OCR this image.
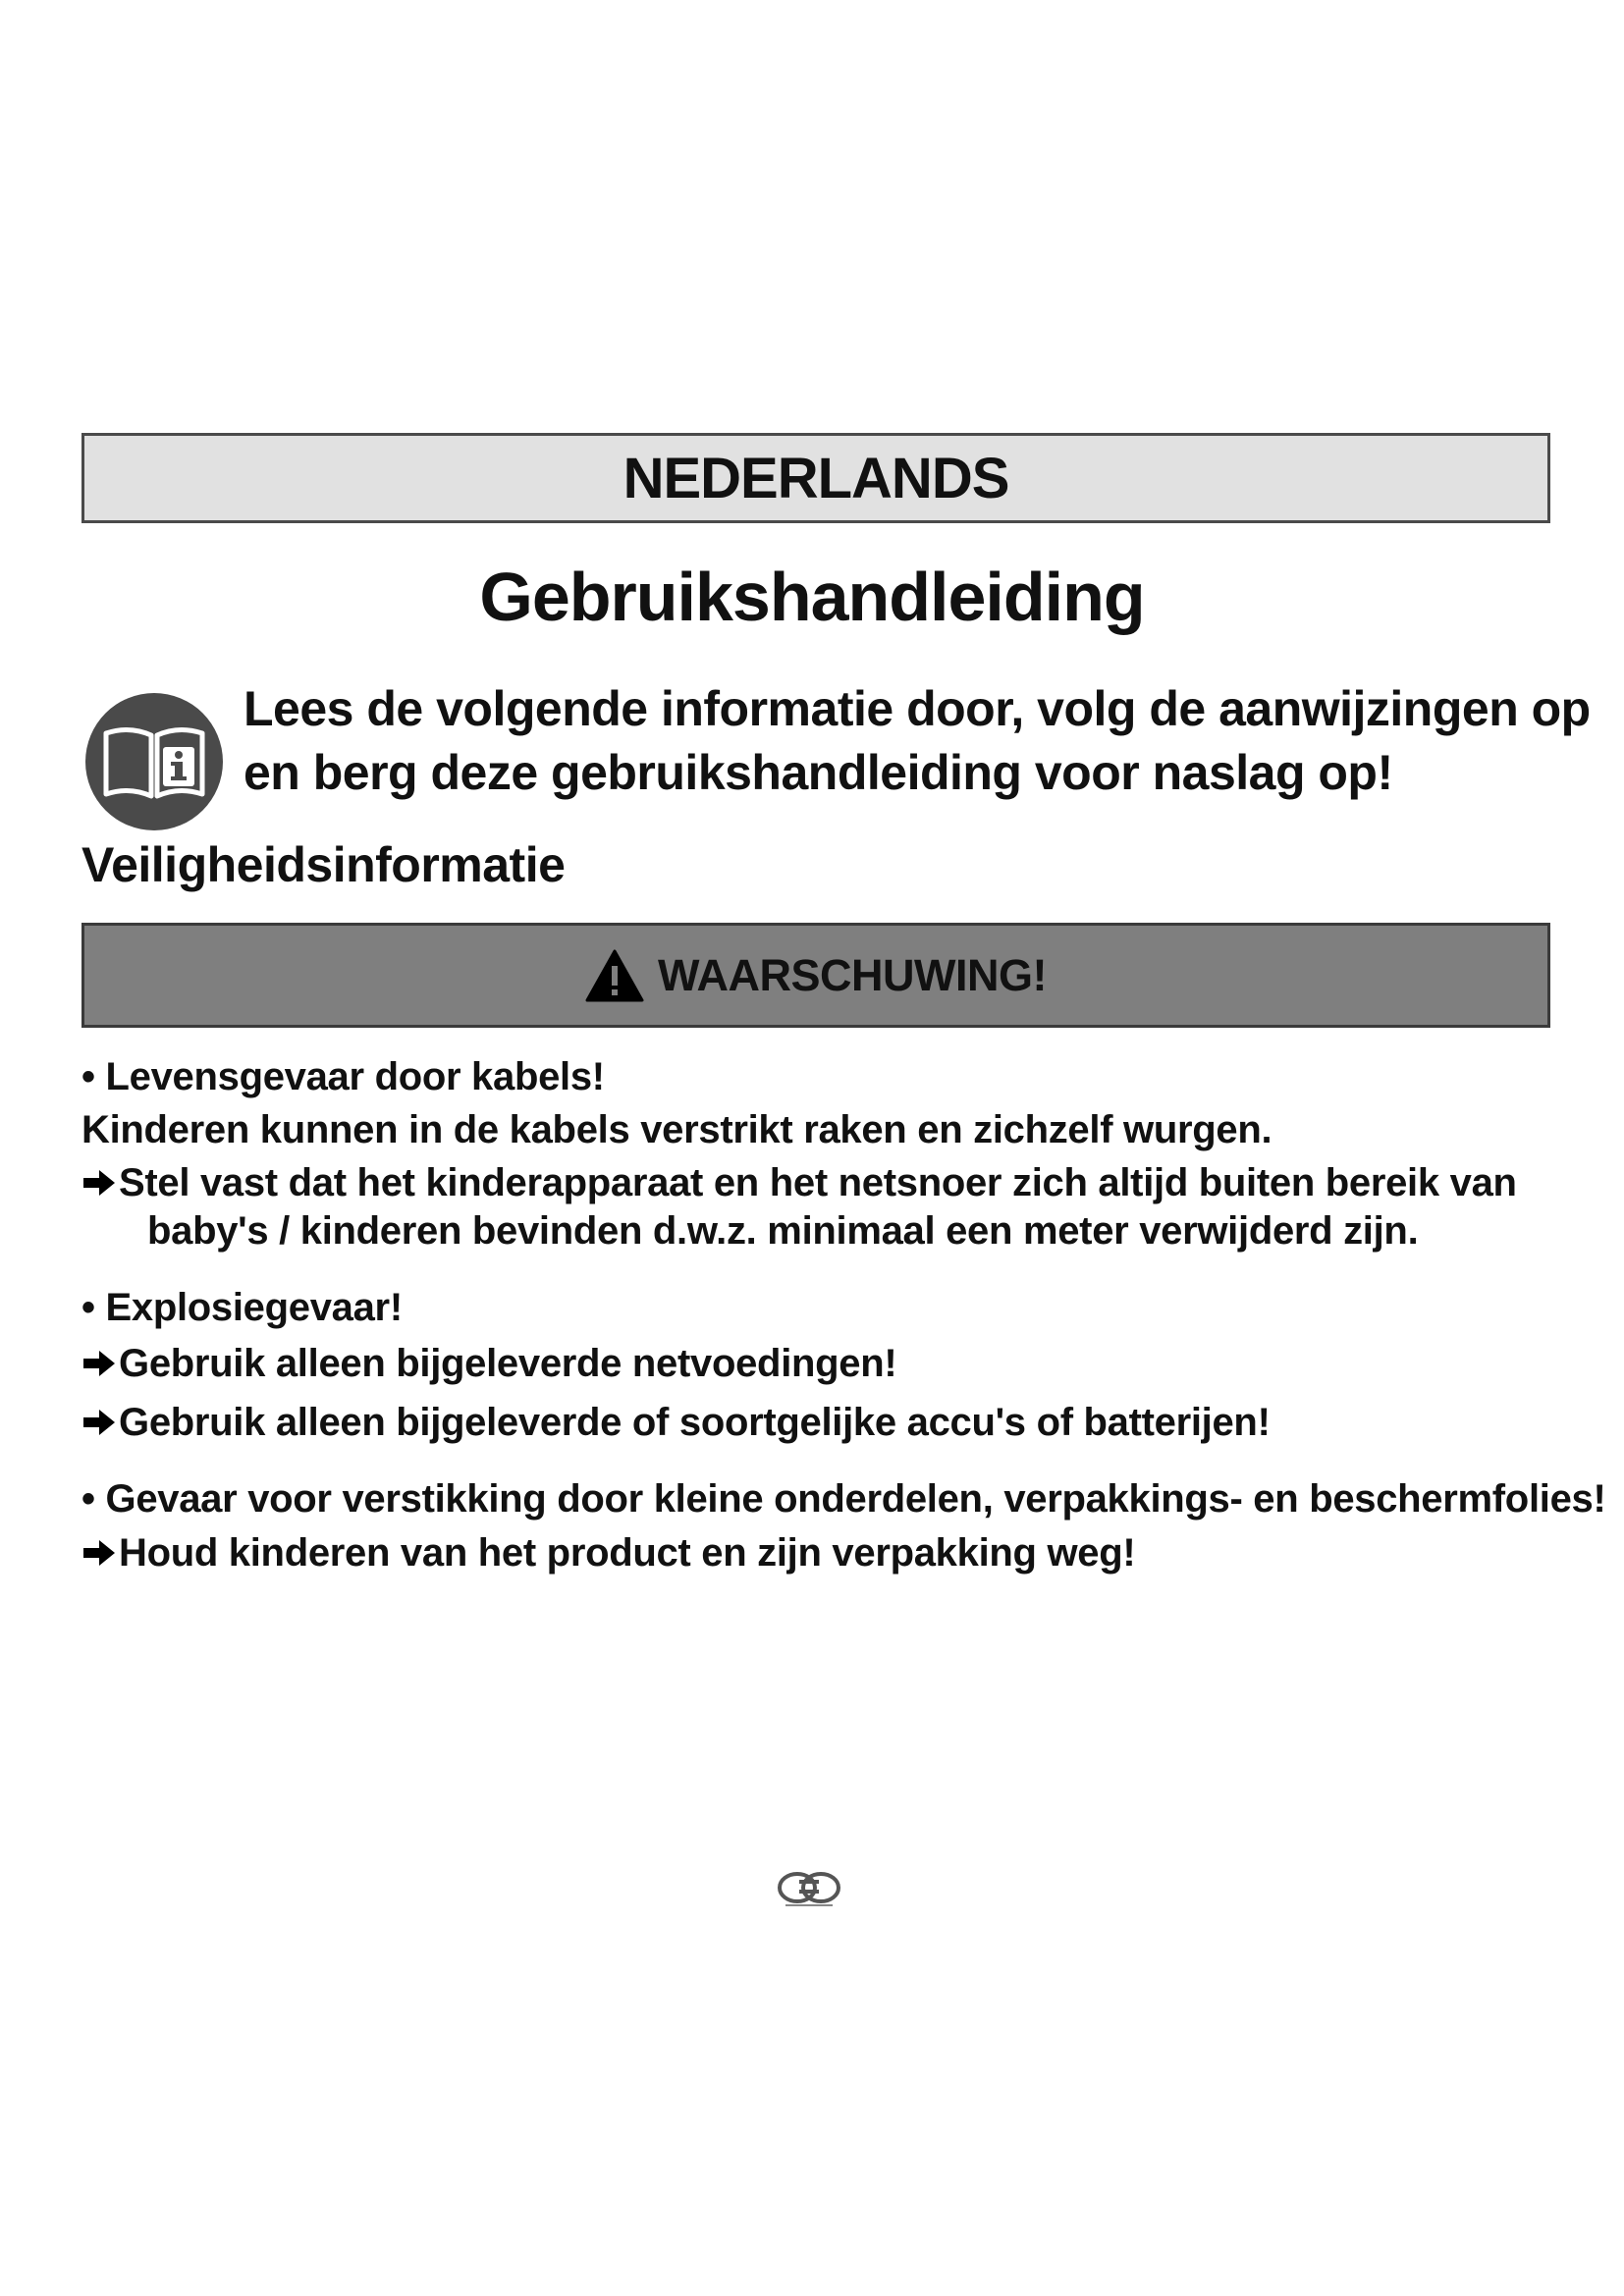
NEDERLANDS
Gebruikshandleiding
Lees de volgende informatie door, volg de aanwijzingen op
en berg deze gebruikshandleiding voor naslag op!
Veiligheidsinformatie
WAARSCHUWING!
• Levensgevaar door kabels!
Kinderen kunnen in de kabels verstrikt raken en zichzelf wurgen.
Stel vast dat het kinderapparaat en het netsnoer zich altijd buiten bereik van
baby's / kinderen bevinden d.w.z. minimaal een meter verwijderd zijn.
• Explosiegevaar!
Gebruik alleen bijgeleverde netvoedingen!
Gebruik alleen bijgeleverde of soortgelijke accu's of batterijen!
• Gevaar voor verstikking door kleine onderdelen, verpakkings- en beschermfolies!
Houd kinderen van het product en zijn verpakking weg!
